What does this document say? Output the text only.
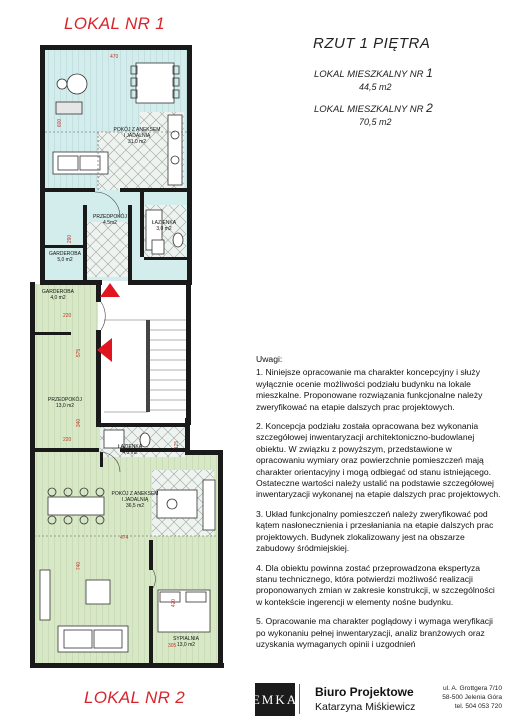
LOKAL NR 1
LOKAL NR 2
RZUT 1 PIĘTRA
LOKAL MIESZKALNY NR 1
44,5 m2
LOKAL MIESZKALNY NR 2
70,5 m2
POKÓJ Z ANEKSEM
I JADALNIĄ
31,0 m2
PRZEDPOKÓJ
4,5m2	ŁAZIENKA
3,0 m2
GARDEROBA
5,0 m2
GARDEROBA
4,0 m2
PRZEDPOKÓJ
13,0 m2
ŁAZIENKA
4,0 m2
POKÓJ Z ANEKSEM
I JADALNIĄ
36,5 m2
SYPIALNIA
13,0 m2
470
600
290
220
575
340
220
125
474
740
420
305

Uwagi:

1. Niniejsze opracowanie ma charakter koncepcyjny i służy wyłącznie ocenie możliwości podziału budynku na lokale mieszkalne. Proponowane rozwiązania funkcjonalne należy zweryfikować na etapie dalszych prac projektowych.

2. Koncepcja podziału została opracowana bez wykonania szczegółowej inwentaryzacji architektoniczno-budowlanej obiektu. W związku z powyższym, przedstawione w opracowaniu wymiary oraz powierzchnie pomieszczeń mają charakter orientacyjny i mogą odbiegać od stanu istniejącego. Ostateczne wartości należy ustalić na podstawie szczegółowej inwentaryzacji wykonanej na etapie dalszych prac projektowych.

3. Układ funkcjonalny pomieszczeń należy zweryfikować pod kątem nasłonecznienia i przesłaniania na etapie dalszych prac projektowych. Budynek zlokalizowany jest na obszarze zabudowy śródmiejskiej.

4. Dla obiektu powinna zostać przeprowadzona ekspertyza stanu technicznego, która potwierdzi możliwość realizacji proponowanych zmian w zakresie konstrukcji, w szczególności w kontekście ingerencji w elementy nośne budynku.

5. Opracowanie ma charakter poglądowy i wymaga weryfikacji po wykonaniu pełnej inwentaryzacji, analiz branżowych oraz uzyskania wymaganych opinii i uzgodnień

EMKA Biuro Projektowe
Katarzyna Miśkiewicz
ul. A. Grottgera 7/10
58-500 Jelenia Góra
tel. 504 053 720
